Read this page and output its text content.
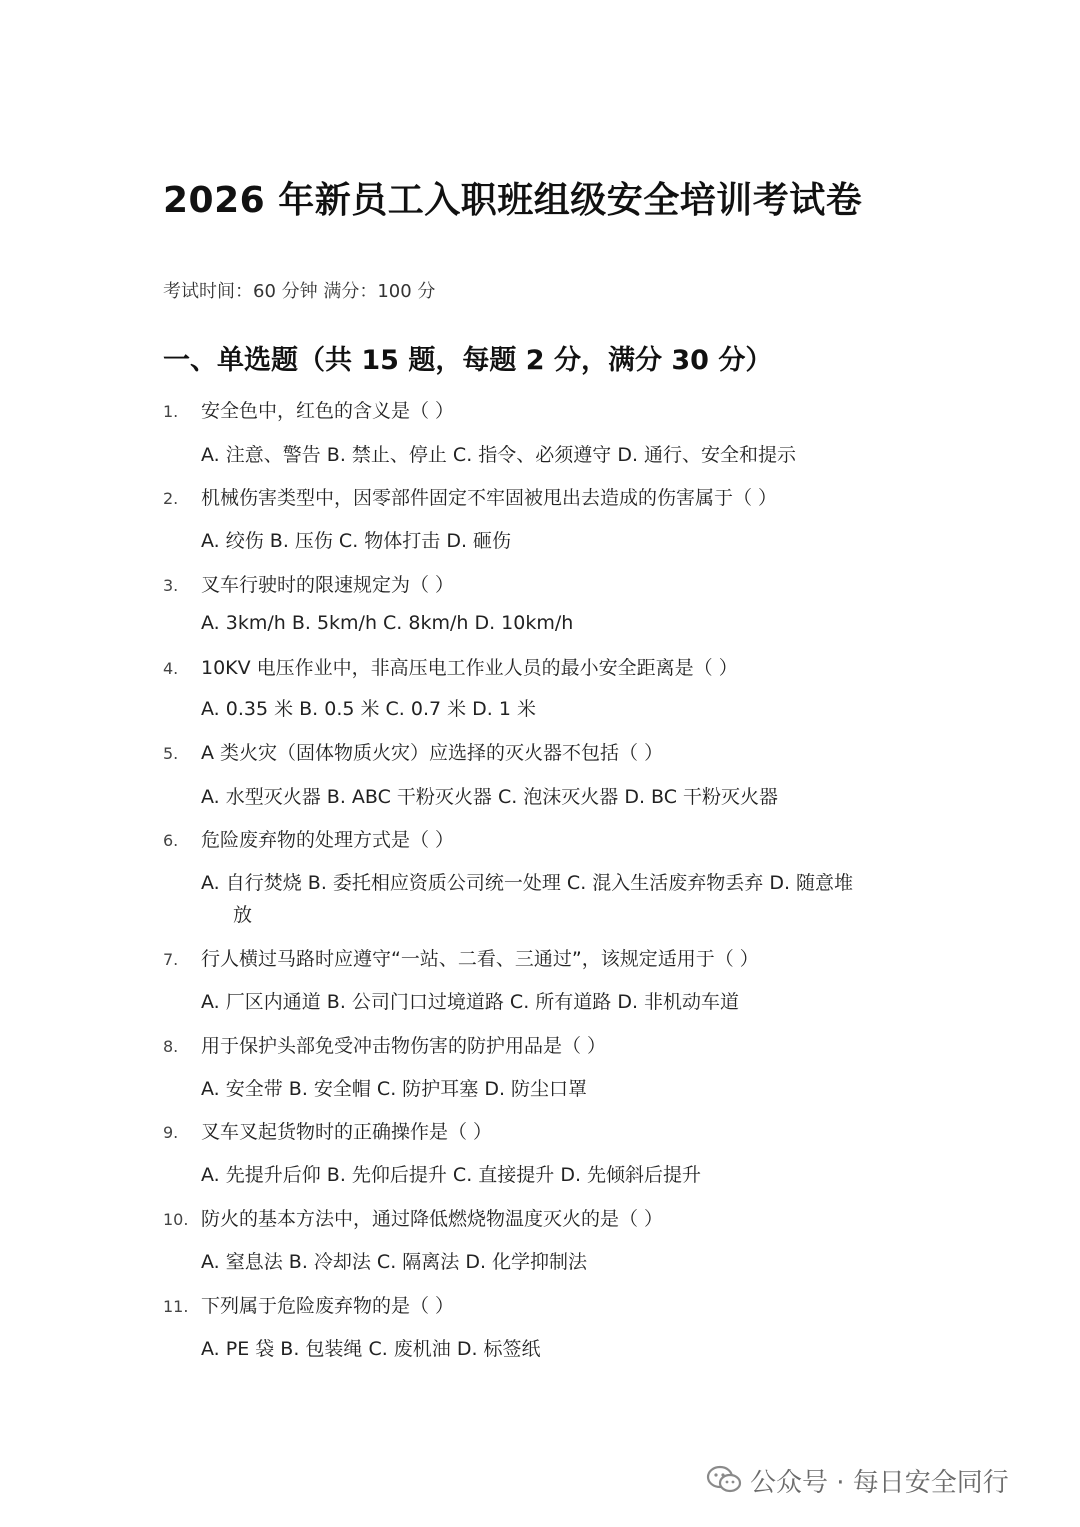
2026 年新员工入职班组级安全培训考试卷
考试时间：60 分钟 满分：100 分
一、单选题（共 15 题，每题 2 分，满分 30 分）
1. 安全色中，红色的含义是（ ）
A. 注意、警告 B. 禁止、停止 C. 指令、必须遵守 D. 通行、安全和提示
2. 机械伤害类型中，因零部件固定不牢固被甩出去造成的伤害属于（ ）
A. 绞伤 B. 压伤 C. 物体打击 D. 砸伤
3. 叉车行驶时的限速规定为（ ）
A. 3km/h B. 5km/h C. 8km/h D. 10km/h
4. 10KV 电压作业中，非高压电工作业人员的最小安全距离是（ ）
A. 0.35 米 B. 0.5 米 C. 0.7 米 D. 1 米
5. A 类火灾（固体物质火灾）应选择的灭火器不包括（ ）
A. 水型灭火器 B. ABC 干粉灭火器 C. 泡沫灭火器 D. BC 干粉灭火器
6. 危险废弃物的处理方式是（ ）
A. 自行焚烧 B. 委托相应资质公司统一处理 C. 混入生活废弃物丢弃 D. 随意堆
放
7. 行人横过马路时应遵守“一站、二看、三通过”，该规定适用于（ ）
A. 厂区内通道 B. 公司门口过境道路 C. 所有道路 D. 非机动车道
8. 用于保护头部免受冲击物伤害的防护用品是（ ）
A. 安全带 B. 安全帽 C. 防护耳塞 D. 防尘口罩
9. 叉车叉起货物时的正确操作是（ ）
A. 先提升后仰 B. 先仰后提升 C. 直接提升 D. 先倾斜后提升
10. 防火的基本方法中，通过降低燃烧物温度灭火的是（ ）
A. 窒息法 B. 冷却法 C. 隔离法 D. 化学抑制法
11. 下列属于危险废弃物的是（ ）
A. PE 袋 B. 包装绳 C. 废机油 D. 标签纸
公众号 · 每日安全同行
